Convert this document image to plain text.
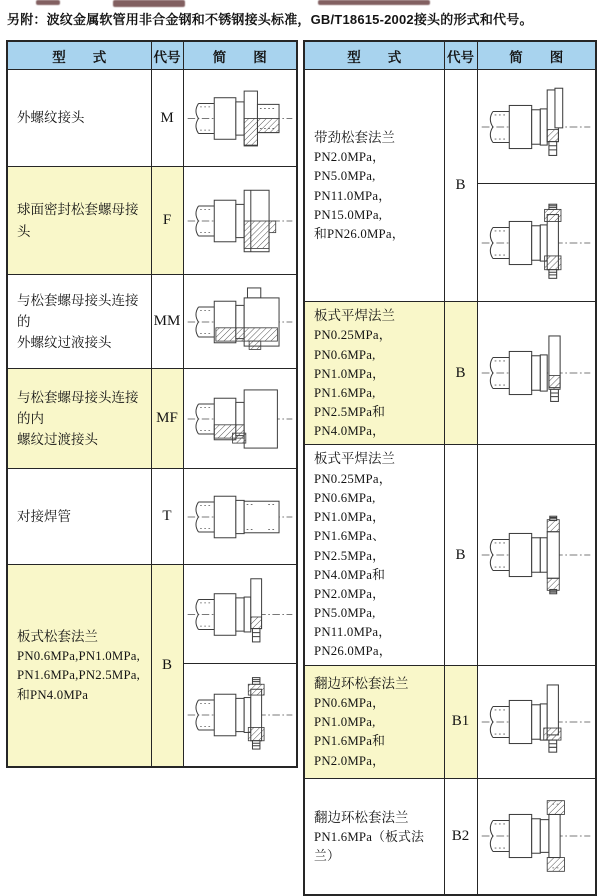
另附：波纹金属软管用非合金钢和不锈钢接头标准，GB/T18615-2002接头的形式和代号。
型　　式	代号	简　　图

外螺纹接头	M	

球面密封松套螺母接头	F	

与松套螺母接头连接的
外螺纹过液接头	MM	

与松套螺母接头连接的内
螺纹过渡接头	MF	

对接焊管	T	

板式松套法兰
PN0.6MPa,PN1.0MPa,
PN1.6MPa,PN2.5MPa,
和PN4.0MPa	B	

型　　式	代号	简　　图

带劲松套法兰
PN2.0MPa，PN5.0MPa,
PN11.0MPa，PN15.0MPa,
和PN26.0MPa，	B	

板式平焊法兰
PN0.25MPa，PN0.6MPa,
PN1.0MPa，PN1.6MPa,
PN2.5MPa和PN4.0MPa，	B	

板式平焊法兰
PN0.25MPa，PN0.6MPa,
PN1.0MPa，PN1.6MPa、
PN2.5MPa，PN4.0MPa和
PN2.0MPa，PN5.0MPa,
PN11.0MPa，PN26.0MPa，
	B	

翻边环松套法兰
PN0.6MPa，PN1.0MPa,
PN1.6MPa和PN2.0MPa，	B1	

翻边环松套法兰
PN1.6MPa（板式法兰）	B2	
